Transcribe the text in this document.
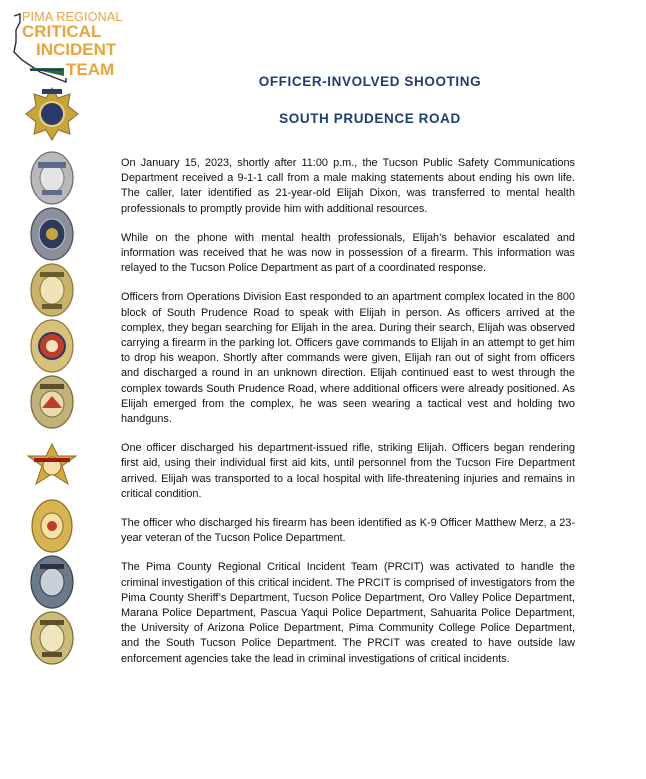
PIMA REGIONAL
CRITICAL
INCIDENT
TEAM
OFFICER-INVOLVED SHOOTING
SOUTH PRUDENCE ROAD

On January 15, 2023, shortly after 11:00 p.m., the Tucson Public Safety Communications Department received a 9-1-1 call from a male making statements about ending his own life. The caller, later identified as 21-year-old Elijah Dixon, was transferred to mental health professionals to promptly provide him with additional resources.

While on the phone with mental health professionals, Elijah’s behavior escalated and information was received that he was now in possession of a firearm. This information was relayed to the Tucson Police Department as part of a coordinated response.

Officers from Operations Division East responded to an apartment complex located in the 800 block of South Prudence Road to speak with Elijah in person. As officers arrived at the complex, they began searching for Elijah in the area. During their search, Elijah was observed carrying a firearm in the parking lot. Officers gave commands to Elijah in an attempt to get him to drop his weapon. Shortly after commands were given, Elijah ran out of sight from officers and discharged a round in an unknown direction. Elijah continued east to west through the complex towards South Prudence Road, where additional officers were already positioned. As Elijah emerged from the complex, he was seen wearing a tactical vest and holding two handguns.

One officer discharged his department-issued rifle, striking Elijah. Officers began rendering first aid, using their individual first aid kits, until personnel from the Tucson Fire Department arrived. Elijah was transported to a local hospital with life-threatening injuries and remains in critical condition.

The officer who discharged his firearm has been identified as K-9 Officer Matthew Merz, a 23-year veteran of the Tucson Police Department.

The Pima County Regional Critical Incident Team (PRCIT) was activated to handle the criminal investigation of this critical incident. The PRCIT is comprised of investigators from the Pima County Sheriff’s Department, Tucson Police Department, Oro Valley Police Department, Marana Police Department, Pascua Yaqui Police Department, Sahuarita Police Department, the University of Arizona Police Department, Pima Community College Police Department, and the South Tucson Police Department. The PRCIT was created to have outside law enforcement agencies take the lead in criminal investigations of critical incidents.
